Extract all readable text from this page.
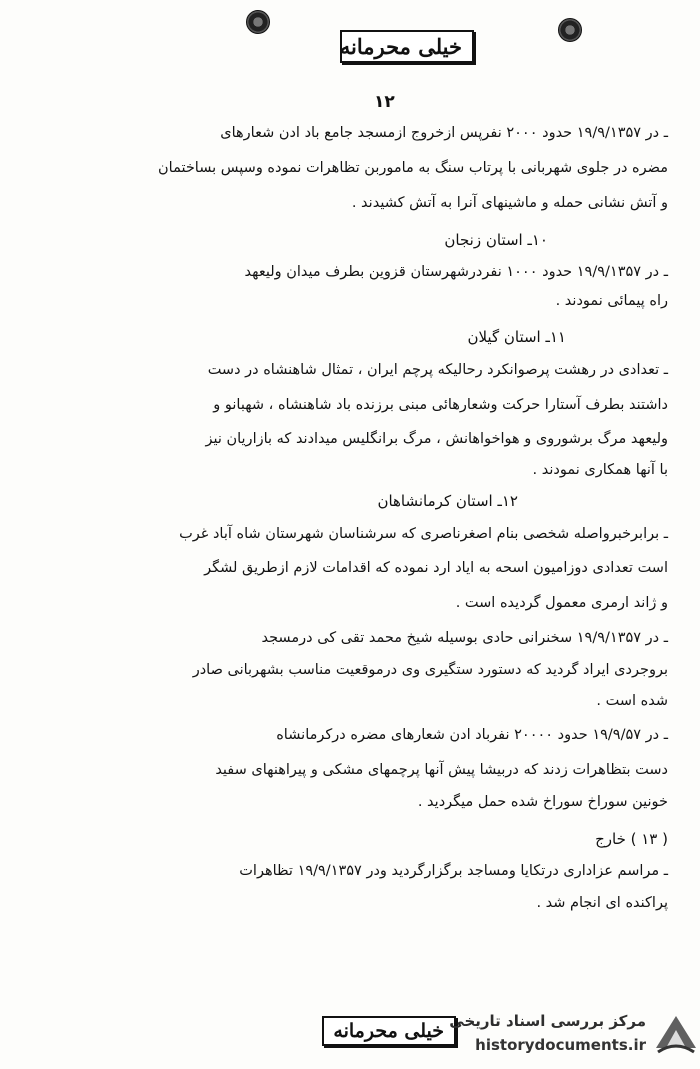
خیلی محرمانه
۱۲
ـ در ۱۹/۹/۱۳۵۷ حدود ۲۰۰۰ نفرپس ازخروج ازمسجد جامع باد ادن شعارهای
مضره در جلوی شهربانی با پرتاب سنگ به ماموربن تظاهرات نموده وسپس بساختمان
و آتش نشانی حمله و ماشینهای آنرا به آتش کشیدند .
۱۰ـ استان زنجان
ـ در ۱۹/۹/۱۳۵۷ حدود ۱۰۰۰ نفردرشهرستان قزوین بطرف میدان ولیعهد
راه پیمائی نمودند .
۱۱ـ استان گیلان
ـ تعدادی در رهشت پرصوانکرد رحالیکه پرچم ایران ، تمثال شاهنشاه در دست
داشتند بطرف آستارا حرکت وشعارهائی مبنی برزنده باد شاهنشاه ، شهبانو و
ولیعهد مرگ برشوروی و هواخواهانش ، مرگ برانگلیس میدادند که بازاریان نیز
با آنها همکاری نمودند .
۱۲ـ استان کرمانشاهان
ـ برابرخبرواصله شخصی بنام اصغرناصری که سرشناسان شهرستان شاه آباد غرب
است تعدادی دوزامیون اسحه به ایاد ارد نموده که اقدامات لازم ازطریق لشگر
و ژاند ارمری معمول گردیده است .
ـ در ۱۹/۹/۱۳۵۷ سخنرانی حادی بوسیله شیخ محمد تقی کی درمسجد
بروجردی ایراد گردید که دستورد ستگیری وی درموقعیت مناسب بشهربانی صادر
شده است .
ـ در ۱۹/۹/۵۷ حدود ۲۰۰۰۰ نفرباد ادن شعارهای مضره درکرمانشاه
دست بتظاهرات زدند که دربیشا پیش آنها پرچمهای مشکی و پیراهنهای سفید
خونین سوراخ سوراخ شده حمل میگردید .
( ۱۳ ) خارج
ـ مراسم عزاداری درتکایا ومساجد برگزارگردید ودر ۱۹/۹/۱۳۵۷ تظاهرات
پراکنده ای انجام شد .
خیلی محرمانه مرکز بررسی اسناد تاریخی
historydocuments.ir
